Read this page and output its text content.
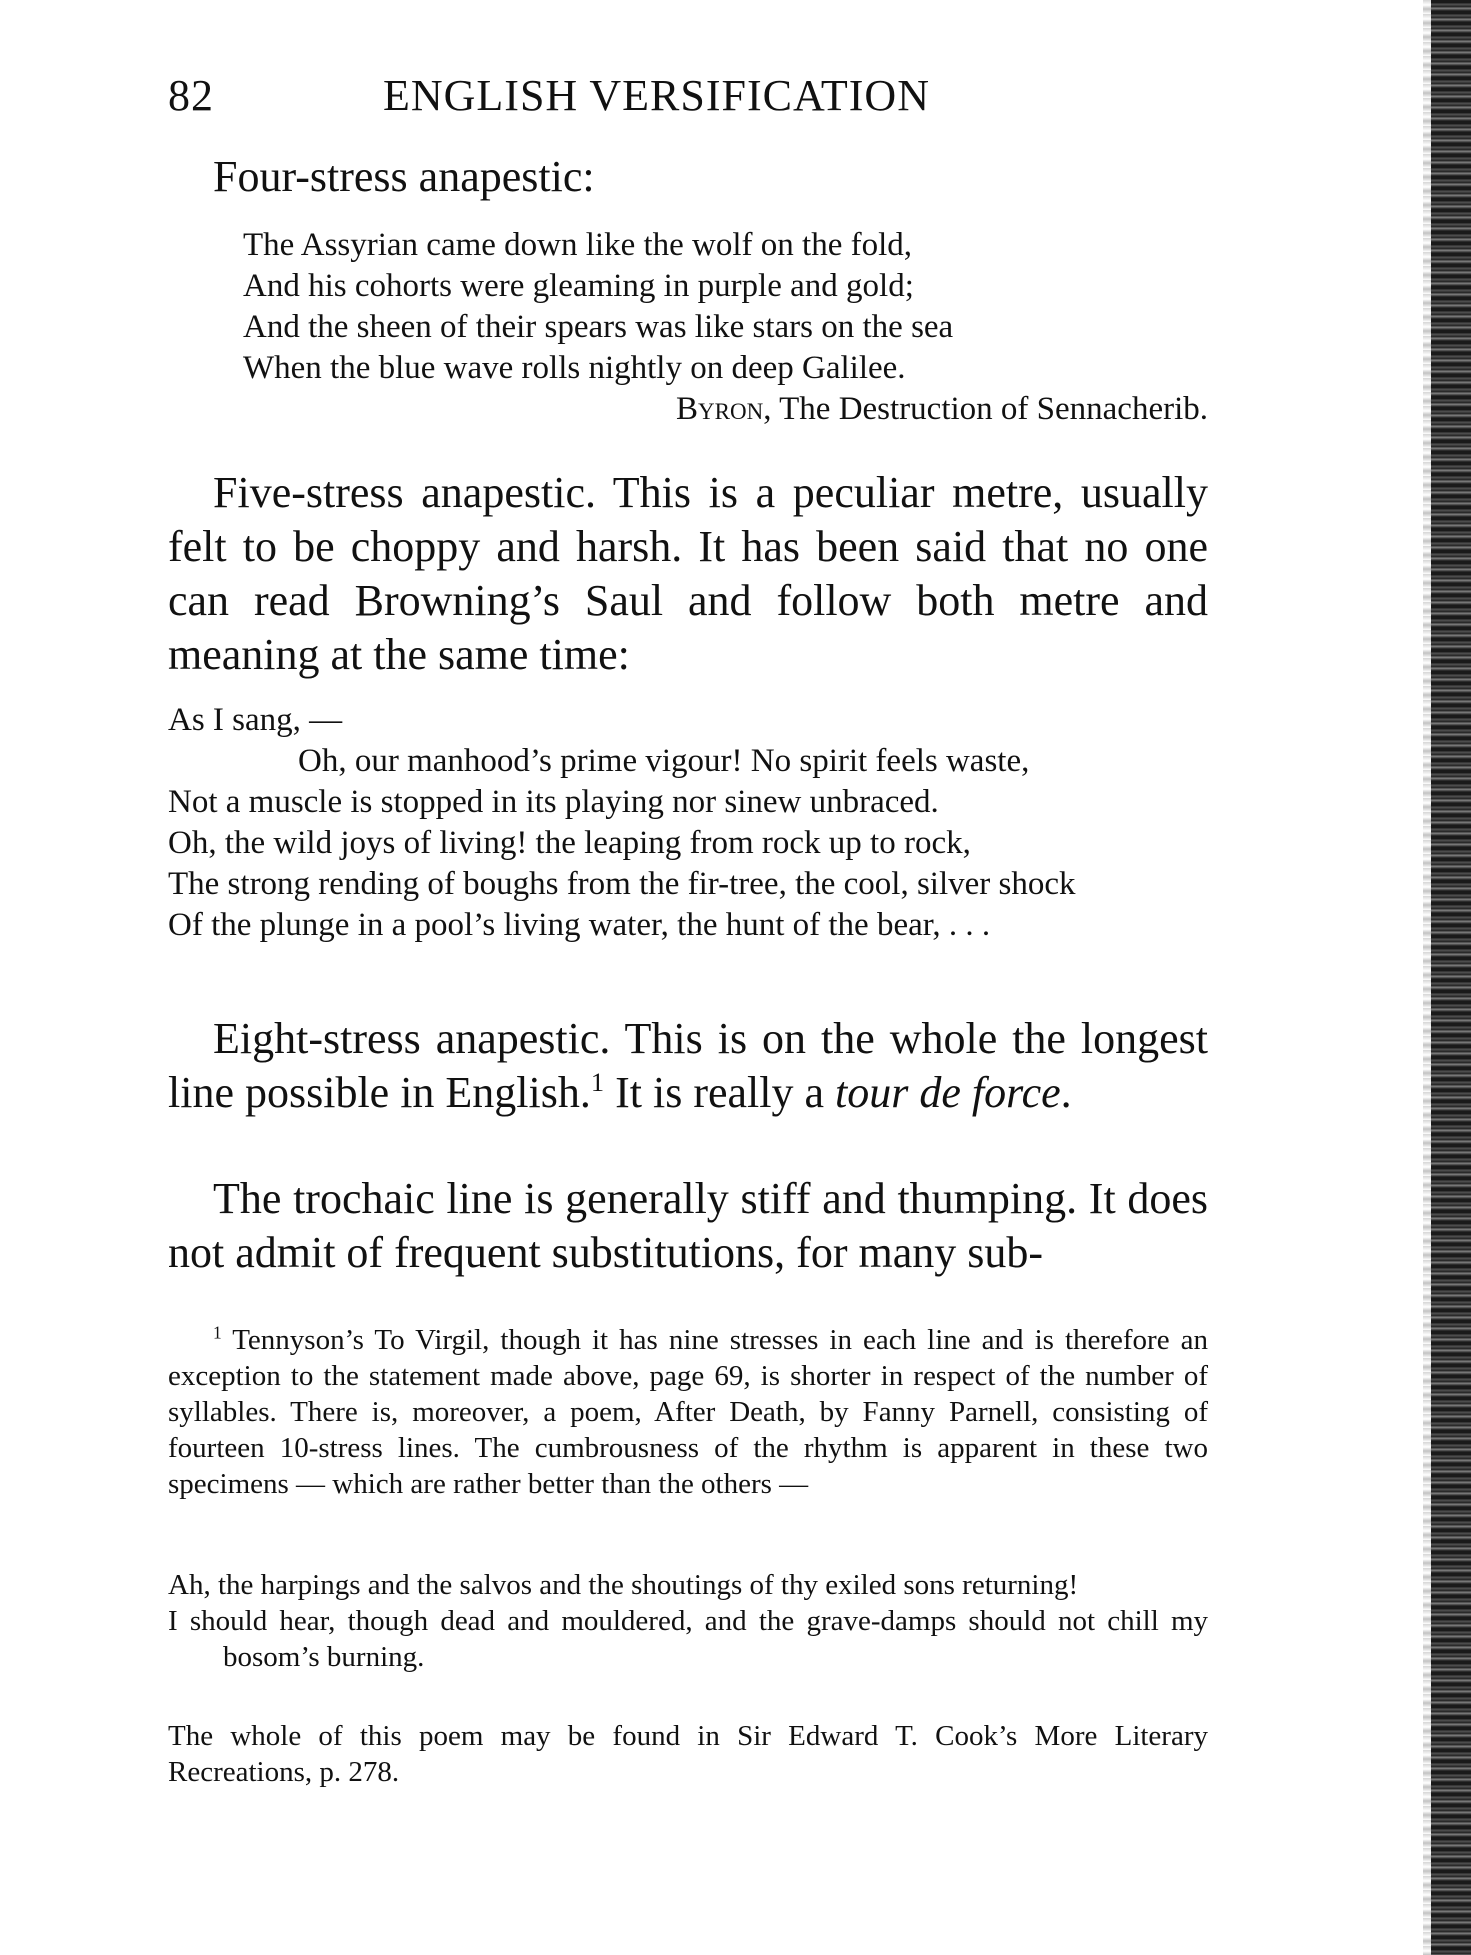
82	ENGLISH VERSIFICATION

Four-stress anapestic:

The Assyrian came down like the wolf on the fold,
And his cohorts were gleaming in purple and gold;
And the sheen of their spears was like stars on the sea
When the blue wave rolls nightly on deep Galilee.
Byron, The Destruction of Sennacherib.

Five-stress anapestic. This is a peculiar metre, usually felt to be choppy and harsh. It has been said that no one can read Browning’s Saul and follow both metre and meaning at the same time:

As I sang, —
Oh, our manhood’s prime vigour! No spirit feels waste,
Not a muscle is stopped in its playing nor sinew unbraced.
Oh, the wild joys of living! the leaping from rock up to rock,
The strong rending of boughs from the fir-tree, the cool, silver shock
Of the plunge in a pool’s living water, the hunt of the bear, . . .

Eight-stress anapestic. This is on the whole the longest line possible in English.$^1$ It is really a tour de force.

The trochaic line is generally stiff and thumping. It does not admit of frequent substitutions, for many sub-

$^1$ Tennyson’s To Virgil, though it has nine stresses in each line and is therefore an exception to the statement made above, page 69, is shorter in respect of the number of syllables. There is, moreover, a poem, After Death, by Fanny Parnell, consisting of fourteen 10-stress lines. The cumbrousness of the rhythm is apparent in these two specimens — which are rather better than the others —

Ah, the harpings and the salvos and the shoutings of thy exiled sons returning!
I should hear, though dead and mouldered, and the grave-damps should not chill my bosom’s burning.

The whole of this poem may be found in Sir Edward T. Cook’s More Literary Recreations, p. 278.
